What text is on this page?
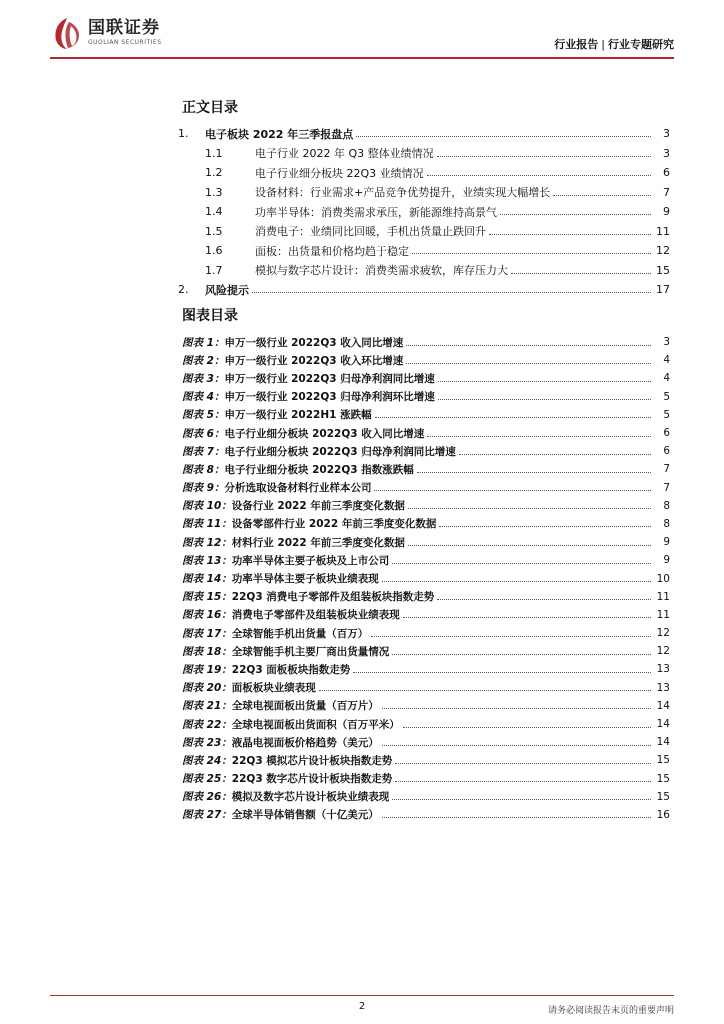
国联证券
GUOLIAN SECURITIES	行业报告 | 行业专题研究
正文目录
1.	电子板块 2022 年三季报盘点	3
1.1	电子行业 2022 年 Q3 整体业绩情况	3
1.2	电子行业细分板块 22Q3 业绩情况	6
1.3	设备材料：行业需求+产品竞争优势提升，业绩实现大幅增长	7
1.4	功率半导体：消费类需求承压，新能源维持高景气	9
1.5	消费电子：业绩同比回暖，手机出货量止跌回升	11
1.6	面板：出货量和价格均趋于稳定	12
1.7	模拟与数字芯片设计：消费类需求疲软，库存压力大	15
2.	风险提示	17
图表目录
图表 1： 申万一级行业 2022Q3 收入同比增速	3
图表 2： 申万一级行业 2022Q3 收入环比增速	4
图表 3： 申万一级行业 2022Q3 归母净利润同比增速	4
图表 4： 申万一级行业 2022Q3 归母净利润环比增速	5
图表 5： 申万一级行业 2022H1 涨跌幅	5
图表 6： 电子行业细分板块 2022Q3 收入同比增速	6
图表 7： 电子行业细分板块 2022Q3 归母净利润同比增速	6
图表 8： 电子行业细分板块 2022Q3 指数涨跌幅	7
图表 9： 分析选取设备材料行业样本公司	7
图表 10： 设备行业 2022 年前三季度变化数据	8
图表 11： 设备零部件行业 2022 年前三季度变化数据	8
图表 12： 材料行业 2022 年前三季度变化数据	9
图表 13： 功率半导体主要子板块及上市公司	9
图表 14： 功率半导体主要子板块业绩表现	10
图表 15： 22Q3 消费电子零部件及组装板块指数走势	11
图表 16： 消费电子零部件及组装板块业绩表现	11
图表 17： 全球智能手机出货量（百万）	12
图表 18： 全球智能手机主要厂商出货量情况	12
图表 19： 22Q3 面板板块指数走势	13
图表 20： 面板板块业绩表现	13
图表 21： 全球电视面板出货量（百万片）	14
图表 22： 全球电视面板出货面积（百万平米）	14
图表 23： 液晶电视面板价格趋势（美元）	14
图表 24： 22Q3 模拟芯片设计板块指数走势	15
图表 25： 22Q3 数字芯片设计板块指数走势	15
图表 26： 模拟及数字芯片设计板块业绩表现	15
图表 27： 全球半导体销售额（十亿美元）	16

2	请务必阅读报告末页的重要声明
